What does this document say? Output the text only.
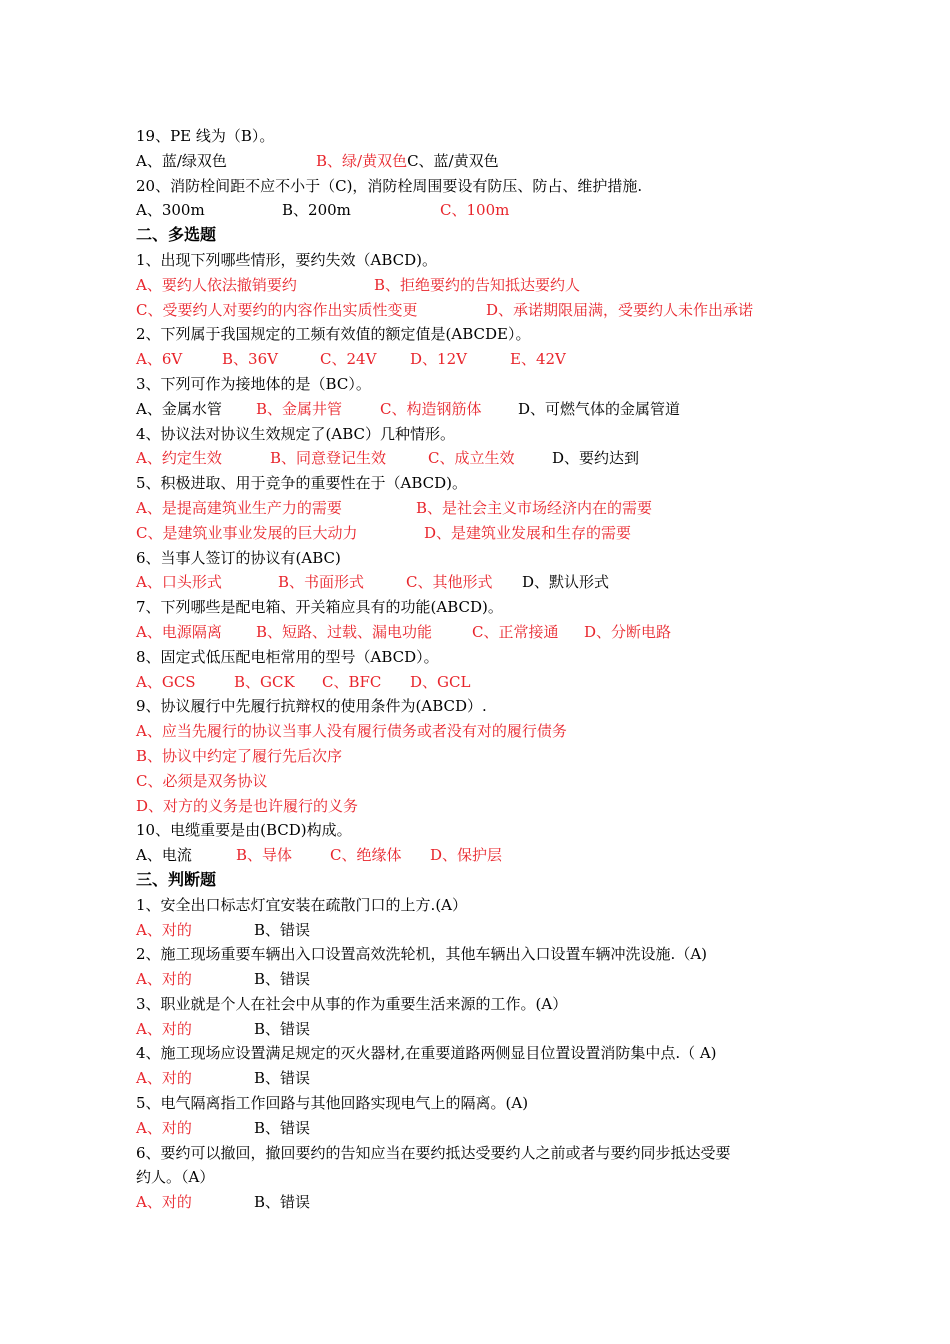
19、PE 线为（B）。
A、蓝/绿双色	B、绿/黄双色C、蓝/黄双色
20、消防栓间距不应不小于（C)，消防栓周围要设有防压、防占、维护措施.
A、300m	B、200m	C、100m
二、多选题
1、出现下列哪些情形，要约失效（ABCD)。
A、要约人依法撤销要约	B、拒绝要约的告知抵达要约人
C、受要约人对要约的内容作出实质性变更	D、承诺期限届满，受要约人未作出承诺
2、下列属于我国规定的工频有效值的额定值是(ABCDE）。
A、6V	B、36V	C、24V D、12V	E、42V
3、下列可作为接地体的是（BC）。
A、金属水管 B、金属井管	C、构造钢筋体 D、可燃气体的金属管道
4、协议法对协议生效规定了(ABC）几种情形。
A、约定生效	B、同意登记生效	C、成立生效	D、要约达到
5、积极进取、用于竞争的重要性在于（ABCD)。
A、是提高建筑业生产力的需要	B、是社会主义市场经济内在的需要
C、是建筑业事业发展的巨大动力	D、是建筑业发展和生存的需要
6、当事人签订的协议有(ABC)
A、口头形式	B、书面形式	C、其他形式 D、默认形式
7、下列哪些是配电箱、开关箱应具有的功能(ABCD)。
A、电源隔离 B、短路、过载、漏电功能	C、正常接通 D、分断电路
8、固定式低压配电柜常用的型号（ABCD）。
A、GCS	B、GCK C、BFC D、GCL
9、协议履行中先履行抗辩权的使用条件为(ABCD）.
A、应当先履行的协议当事人没有履行债务或者没有对的履行债务
B、协议中约定了履行先后次序
C、必须是双务协议
D、对方的义务是也许履行的义务
10、电缆重要是由(BCD)构成。
A、电流	B、导体	C、绝缘体 D、保护层
三、判断题
1、安全出口标志灯宜安装在疏散门口的上方.(A）
A、对的	B、错误
2、施工现场重要车辆出入口设置高效洗轮机，其他车辆出入口设置车辆冲洗设施.（A)
A、对的	B、错误
3、职业就是个人在社会中从事的作为重要生活来源的工作。(A）
A、对的	B、错误
4、施工现场应设置满足规定的灭火器材,在重要道路两侧显目位置设置消防集中点.（ A)
A、对的	B、错误
5、电气隔离指工作回路与其他回路实现电气上的隔离。(A)
A、对的	B、错误
6、要约可以撤回，撤回要约的告知应当在要约抵达受要约人之前或者与要约同步抵达受要
约人。（A）
A、对的	B、错误
